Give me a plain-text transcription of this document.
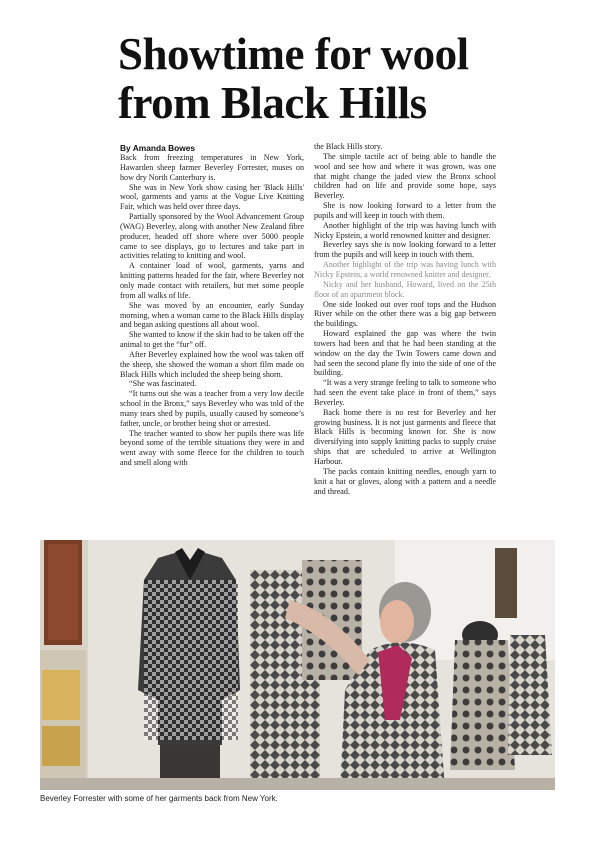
Showtime for wool
from Black Hills
By Amanda Bowes

Back from freezing temperatures in New York, Hawarden sheep farmer Beverley Forrester, muses on how dry North Canterbury is.

She was in New York show casing her 'Black Hills' wool, garments and yarns at the Vogue Live Knitting Fair, which was held over three days.

Partially sponsored by the Wool Advancement Group (WAG) Beverley, along with another New Zealand fibre producer, headed off shore where over 5000 people came to see displays, go to lectures and take part in activities relating to knitting and wool.

A container load of wool, garments, yarns and knitting patterns headed for the fair, where Beverley not only made contact with retailers, but met some people from all walks of life.

She was moved by an encounter, early Sunday morning, when a woman came to the Black Hills display and began asking questions all about wool.

She wanted to know if the skin had to be taken off the animal to get the “fur” off.

After Beverley explained how the wool was taken off the sheep, she showed the woman a short film made on Black Hills which included the sheep being shorn.

“She was fascinated.

“It turns out she was a teacher from a very low decile school in the Bronx,” says Beverley who was told of the many tears shed by pupils, usually caused by someone’s father, uncle, or brother being shot or arrested.

The teacher wanted to show her pupils there was life beyond some of the terrible situations they were in and went away with some fleece for the children to touch and smell along with

the Black Hills story.

The simple tactile act of being able to handle the wool and see how and where it was grown, was one that might change the jaded view the Bronx school children had on life and provide some hope, says Beverley.

She is now looking forward to a letter from the pupils and will keep in touch with them.

Another highlight of the trip was having lunch with Nicky Epstein, a world renowned knitter and designer.

Beverley says she is now looking forward to a letter from the pupils and will keep in touch with them.

Another highlight of the trip was having lunch with Nicky Epstein, a world renowned knitter and designer.

Nicky and her husband, Howard, lived on the 25th floor of an apartment block.

One side looked out over roof tops and the Hudson River while on the other there was a big gap between the buildings.

Howard explained the gap was where the twin towers had been and that he had been standing at the window on the day the Twin Towers came down and had seen the second plane fly into the side of one of the building.

“It was a very strange feeling to talk to someone who had seen the event take place in front of them,” says Beverley.

Back home there is no rest for Beverley and her growing business. It is not just garments and fleece that Black Hills is becoming known for. She is now diversifying into supply knitting packs to supply cruise ships that are scheduled to arrive at Wellington Harbour.

The packs contain knitting needles, enough yarn to knit a hat or gloves, along with a pattern and a needle and thread.

Beverley Forrester with some of her garments back from New York.
